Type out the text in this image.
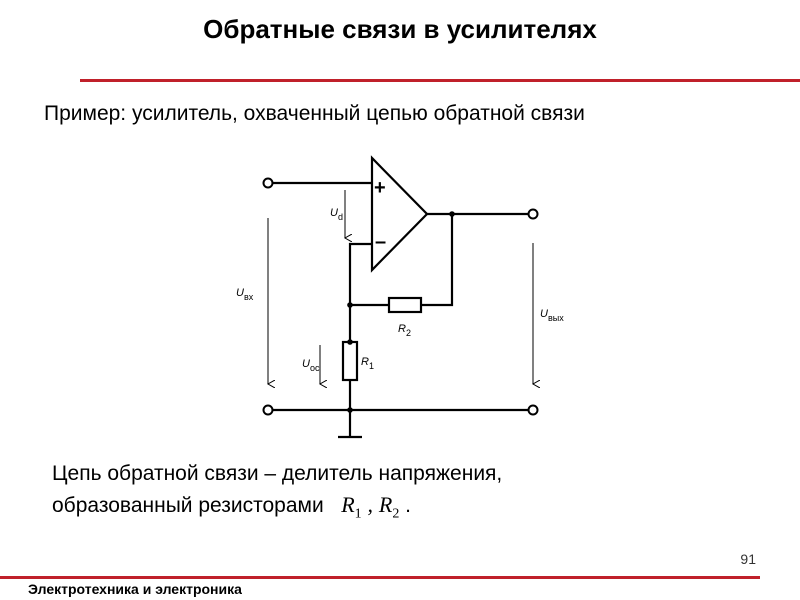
Обратные связи в усилителях
Пример: усилитель, охваченный цепью обратной связи
+
–
$U_d$
$U_{вх}$
$U_{вых}$
$U_{ос}$	$R_1$
$R_2$
Цепь обратной связи – делитель напряжения,
образованный резисторами $R_1$ , $R_2$ .
91
Электротехника и электроника
